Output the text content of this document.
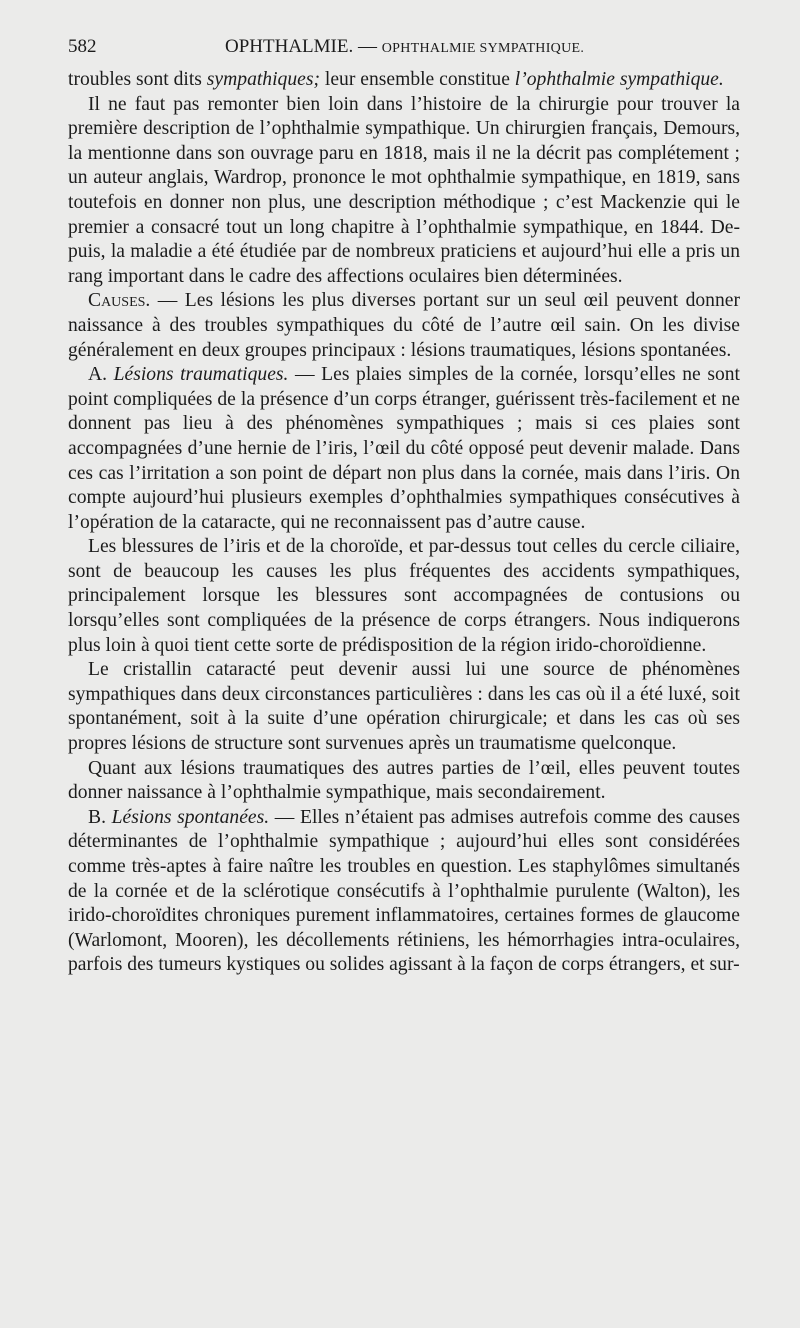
582	OPHTHALMIE. — OPHTHALMIE SYMPATHIQUE.

troubles sont dits sympathiques; leur ensemble constitue l’ophthalmie sympathique.

Il ne faut pas remonter bien loin dans l’histoire de la chirurgie pour trouver la première description de l’ophthalmie sympathique. Un chirurgien français, Demours, la mentionne dans son ouvrage paru en 1818, mais il ne la décrit pas complétement ; un auteur anglais, Wardrop, prononce le mot ophthalmie sympathique, en 1819, sans toutefois en donner non plus, une description méthodique ; c’est Mackenzie qui le premier a consacré tout un long chapitre à l’ophthalmie sympathique, en 1844. Depuis, la maladie a été étudiée par de nombreux praticiens et aujourd’hui elle a pris un rang important dans le cadre des affections oculaires bien déterminées.

Causes. — Les lésions les plus diverses portant sur un seul œil peuvent donner naissance à des troubles sympathiques du côté de l’autre œil sain. On les divise généralement en deux groupes principaux : lésions traumatiques, lésions spontanées.

A. Lésions traumatiques. — Les plaies simples de la cornée, lorsqu’elles ne sont point compliquées de la présence d’un corps étranger, guérissent très-facilement et ne donnent pas lieu à des phénomènes sympathiques ; mais si ces plaies sont accompagnées d’une hernie de l’iris, l’œil du côté opposé peut devenir malade. Dans ces cas l’irritation a son point de départ non plus dans la cornée, mais dans l’iris. On compte aujourd’hui plusieurs exemples d’ophthalmies sympathiques consécutives à l’opération de la cataracte, qui ne reconnaissent pas d’autre cause.

Les blessures de l’iris et de la choroïde, et par-dessus tout celles du cercle ciliaire, sont de beaucoup les causes les plus fréquentes des accidents sympathiques, principalement lorsque les blessures sont accompagnées de contusions ou lorsqu’elles sont compliquées de la présence de corps étrangers. Nous indiquerons plus loin à quoi tient cette sorte de prédisposition de la région irido-choroïdienne.

Le cristallin cataracté peut devenir aussi lui une source de phénomènes sympathiques dans deux circonstances particulières : dans les cas où il a été luxé, soit spontanément, soit à la suite d’une opération chirurgicale; et dans les cas où ses propres lésions de structure sont survenues après un traumatisme quelconque.

Quant aux lésions traumatiques des autres parties de l’œil, elles peuvent toutes donner naissance à l’ophthalmie sympathique, mais secondairement.

B. Lésions spontanées. — Elles n’étaient pas admises autrefois comme des causes déterminantes de l’ophthalmie sympathique ; aujourd’hui elles sont considérées comme très-aptes à faire naître les troubles en question. Les staphylômes simultanés de la cornée et de la sclérotique consécutifs à l’ophthalmie purulente (Walton), les irido-choroïdites chroniques purement inflammatoires, certaines formes de glaucome (Warlomont, Mooren), les décollements rétiniens, les hémorrhagies intra-oculaires, parfois des tumeurs kystiques ou solides agissant à la façon de corps étrangers, et sur-
